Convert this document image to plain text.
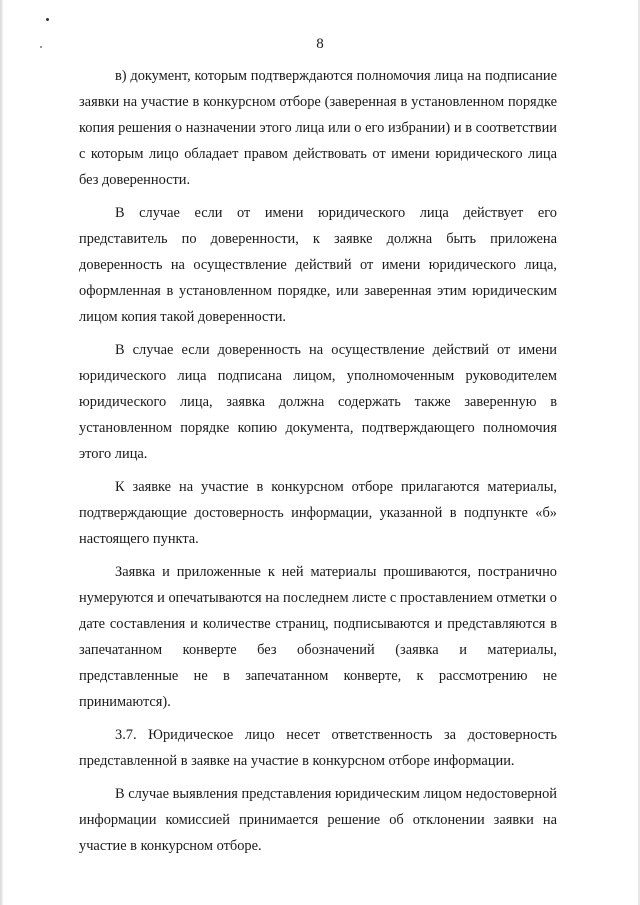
8

в) документ, которым подтверждаются полномочия лица на подписание заявки на участие в конкурсном отборе (заверенная в установленном порядке копия решения о назначении этого лица или о его избрании) и в соответствии с которым лицо обладает правом действовать от имени юридического лица без доверенности.

В случае если от имени юридического лица действует его представитель по доверенности, к заявке должна быть приложена доверенность на осуществление действий от имени юридического лица, оформленная в установленном порядке, или заверенная этим юридическим лицом копия такой доверенности.

В случае если доверенность на осуществление действий от имени юридического лица подписана лицом, уполномоченным руководителем юридического лица, заявка должна содержать также заверенную в установленном порядке копию документа, подтверждающего полномочия этого лица.

К заявке на участие в конкурсном отборе прилагаются материалы, подтверждающие достоверность информации, указанной в подпункте «б» настоящего пункта.

Заявка и приложенные к ней материалы прошиваются, постранично нумеруются и опечатываются на последнем листе с проставлением отметки о дате составления и количестве страниц, подписываются и представляются в запечатанном конверте без обозначений (заявка и материалы, представленные не в запечатанном конверте, к рассмотрению не принимаются).

3.7. Юридическое лицо несет ответственность за достоверность представленной в заявке на участие в конкурсном отборе информации.

В случае выявления представления юридическим лицом недостоверной информации комиссией принимается решение об отклонении заявки на участие в конкурсном отборе.
